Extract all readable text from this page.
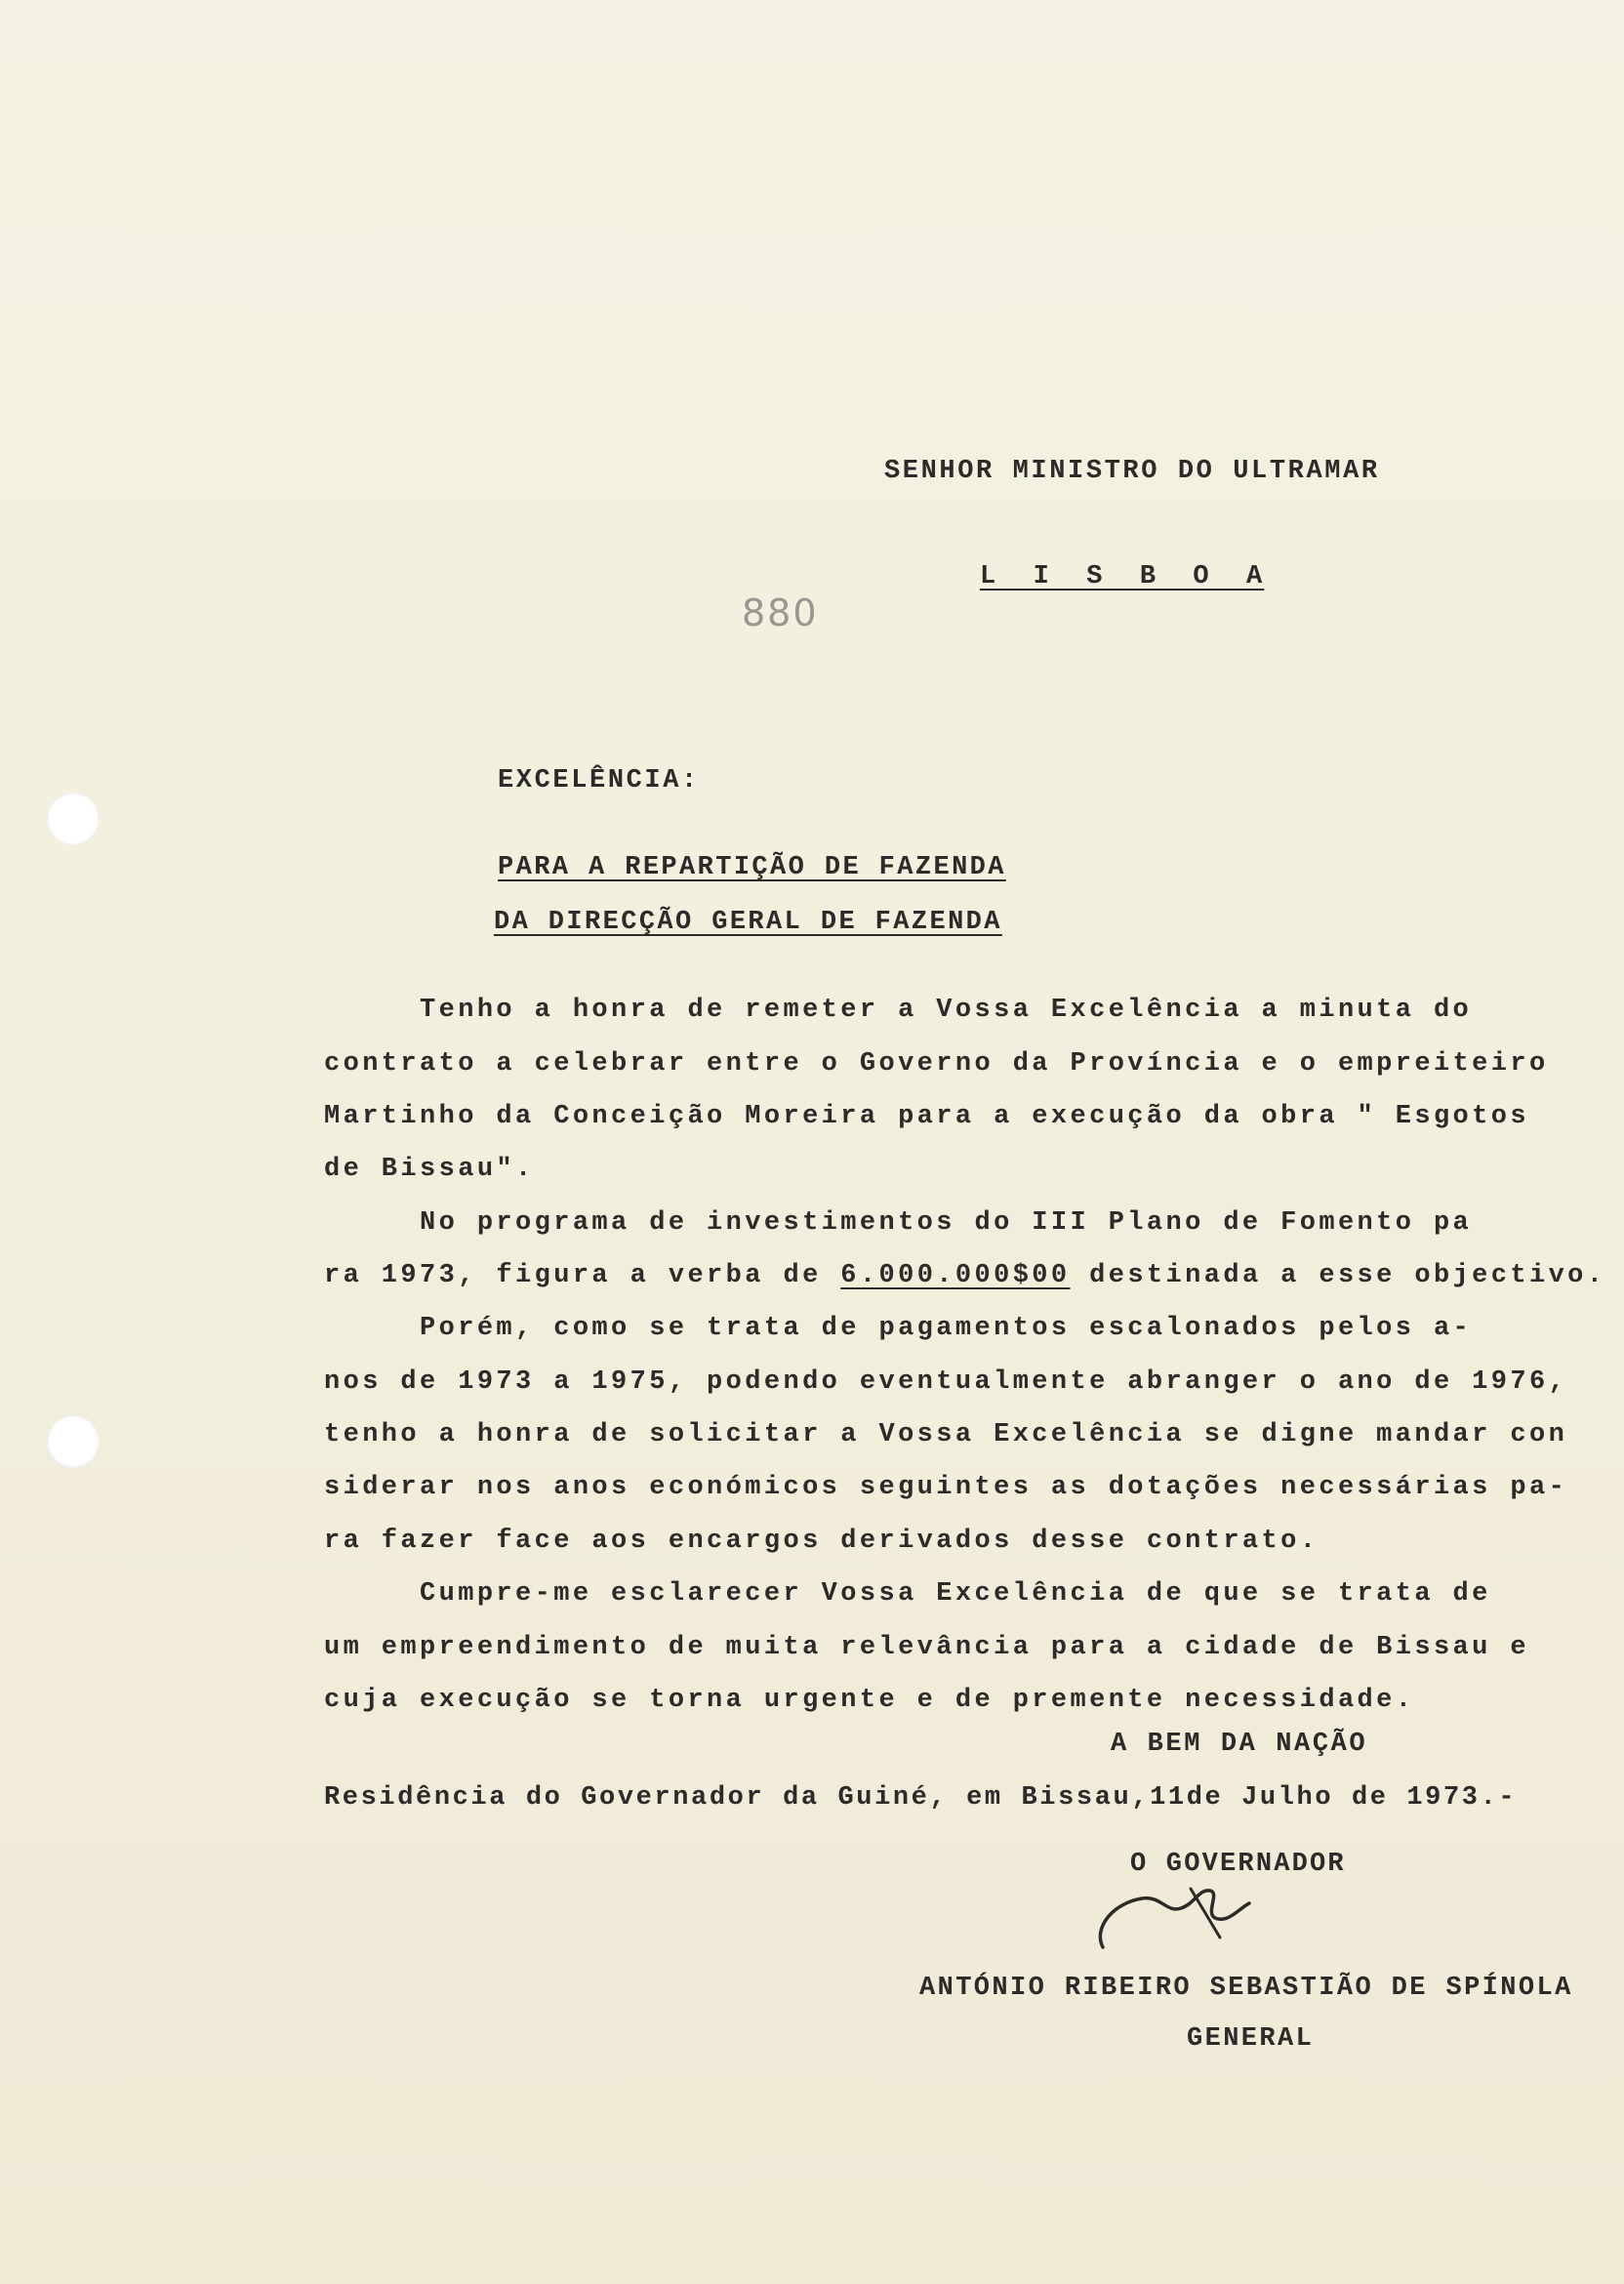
SENHOR MINISTRO DO ULTRAMAR
L  I  S  B  O  A
880
EXCELÊNCIA:
PARA A REPARTIÇÃO DE FAZENDA
DA DIRECÇÃO GERAL DE FAZENDA
Tenho a honra de remeter a Vossa Excelência a minuta do
contrato a celebrar entre o Governo da Província e o empreiteiro
Martinho da Conceição Moreira para a execução da obra " Esgotos
de Bissau".
No programa de investimentos do III Plano de Fomento pa
ra 1973, figura a verba de 6.000.000$00 destinada a esse objectivo.
Porém, como se trata de pagamentos escalonados pelos a-
nos de 1973 a 1975, podendo eventualmente abranger o ano de 1976,
tenho a honra de solicitar a Vossa Excelência se digne mandar con
siderar nos anos económicos seguintes as dotações necessárias pa-
ra fazer face aos encargos derivados desse contrato.
Cumpre-me esclarecer Vossa Excelência de que se trata de
um empreendimento de muita relevância para a cidade de Bissau e
cuja execução se torna urgente e de premente necessidade.
A BEM DA NAÇÃO
Residência do Governador da Guiné, em Bissau,11de Julho de 1973.-
O GOVERNADOR
ANTÓNIO RIBEIRO SEBASTIÃO DE SPÍNOLA
GENERAL
